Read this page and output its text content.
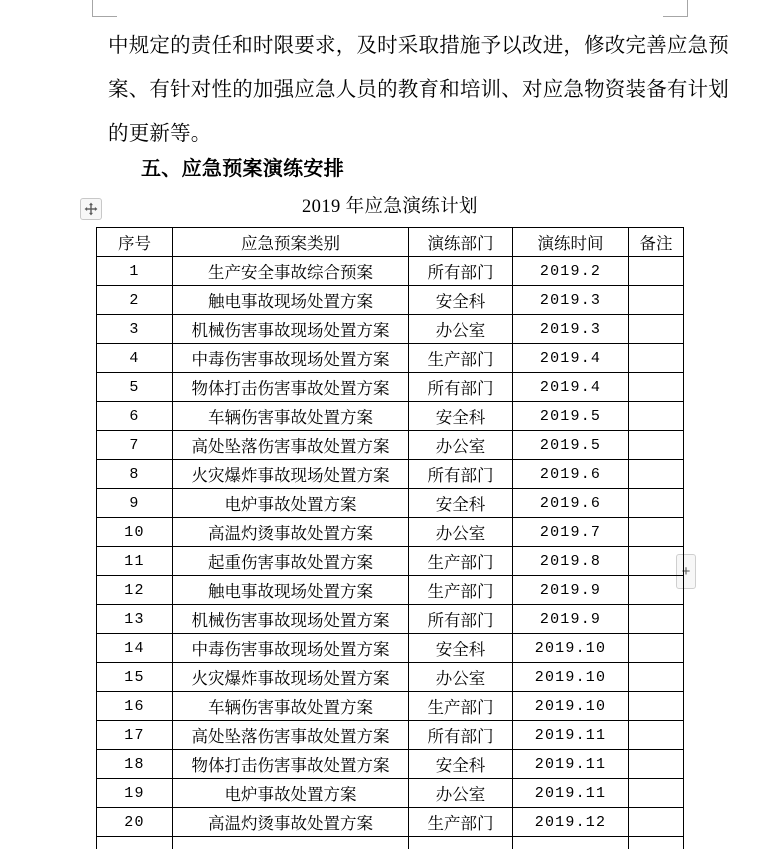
中规定的责任和时限要求，及时采取措施予以改进，修改完善应急预
案、有针对性的加强应急人员的教育和培训、对应急物资装备有计划
的更新等。
五、应急预案演练安排
2019 年应急演练计划
+
序号	应急预案类别	演练部门	演练时间	备注
1	生产安全事故综合预案	所有部门	2019.2	
2	触电事故现场处置方案	安全科	2019.3	
3	机械伤害事故现场处置方案	办公室	2019.3	
4	中毒伤害事故现场处置方案	生产部门	2019.4	
5	物体打击伤害事故处置方案	所有部门	2019.4	
6	车辆伤害事故处置方案	安全科	2019.5	
7	高处坠落伤害事故处置方案	办公室	2019.5	
8	火灾爆炸事故现场处置方案	所有部门	2019.6	
9	电炉事故处置方案	安全科	2019.6	
10	高温灼烫事故处置方案	办公室	2019.7	
11	起重伤害事故处置方案	生产部门	2019.8	
12	触电事故现场处置方案	生产部门	2019.9	
13	机械伤害事故现场处置方案	所有部门	2019.9	
14	中毒伤害事故现场处置方案	安全科	2019.10	
15	火灾爆炸事故现场处置方案	办公室	2019.10	
16	车辆伤害事故处置方案	生产部门	2019.10	
17	高处坠落伤害事故处置方案	所有部门	2019.11	
18	物体打击伤害事故处置方案	安全科	2019.11	
19	电炉事故处置方案	办公室	2019.11	
20	高温灼烫事故处置方案	生产部门	2019.12	
